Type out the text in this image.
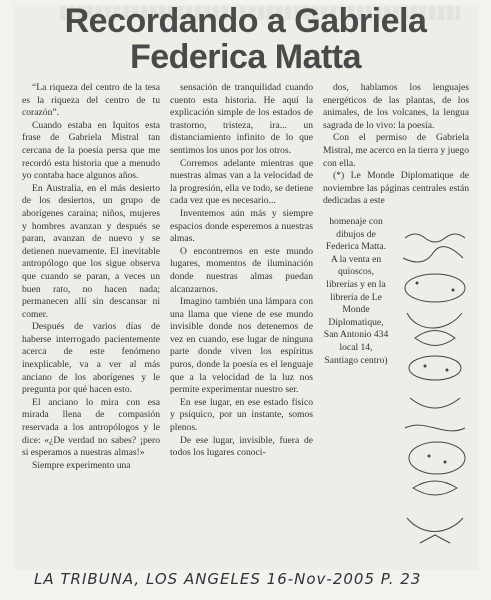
Recordando a Gabriela
Federica Matta

“La riqueza del centro de la tesa es la riqueza del centro de tu corazón”.

Cuando estaba en Iquitos esta frase de Gabriela Mistral tan cercana de la poesía persa que me recordó esta historia que a menudo yo contaba hace algunos años.

En Australia, en el más desierto de los desiertos, un grupo de aborígenes caraina; niños, mujeres y hombres avanzan y después se paran, avanzan de nuevo y se detienen nuevamente. El inevitable antropólogo que los sigue observa que cuando se paran, a veces un buen rato, no hacen nada; permanecen allí sin descansar ni comer.

Después de varios días de haberse interrogado pacientemente acerca de este fenómeno inexplicable, va a ver al más anciano de los aborígenes y le pregunta por qué hacen esto.

El anciano lo mira con esa mirada llena de compasión reservada a los antropólogos y le dice: «¿De verdad no sabes? ¡pero si esperamos a nuestras almas!»

Siempre experimento una

sensación de tranquilidad cuando cuento esta historia. He aquí la explicación simple de los estados de trastorno, tristeza, ira... un distanciamiento infinito de lo que sentimos los unos por los otros.

Corremos adelante mientras que nuestras almas van a la velocidad de la progresión, ella ve todo, se detiene cada vez que es necesario...

Inventemos aún más y siempre espacios donde esperemos a nuestras almas.

O encontremos en este mundo lugares, momentos de iluminación donde nuestras almas puedan alcanzarnos.

Imagino también una lámpara con una llama que viene de ese mundo invisible donde nos detenemos de vez en cuando, ese lugar de ninguna parte donde viven los espíritus puros, donde la poesía es el lenguaje que a la velocidad de la luz nos permite experimentar nuestro ser.

En ese lugar, en ese estado físico y psíquico, por un instante, somos plenos.

De ese lugar, invisible, fuera de todos los lugares conoci-

dos, hablamos los lenguajes energéticos de las plantas, de los animales, de los volcanes, la lengua sagrada de lo vivo: la poesía.

Con el permiso de Gabriela Mistral, me acerco en la tierra y juego con ella.

(*) Le Monde Diplomatique de noviembre las páginas centrales están dedicadas a este

homenaje con dibujos de Federica Matta. A la venta en quioscos, librerías y en la librería de Le Monde Diplomatique, San Antonio 434 local 14, Santiago centro)

LA TRIBUNA, LOS ANGELES 16-Nov-2005 P. 23
